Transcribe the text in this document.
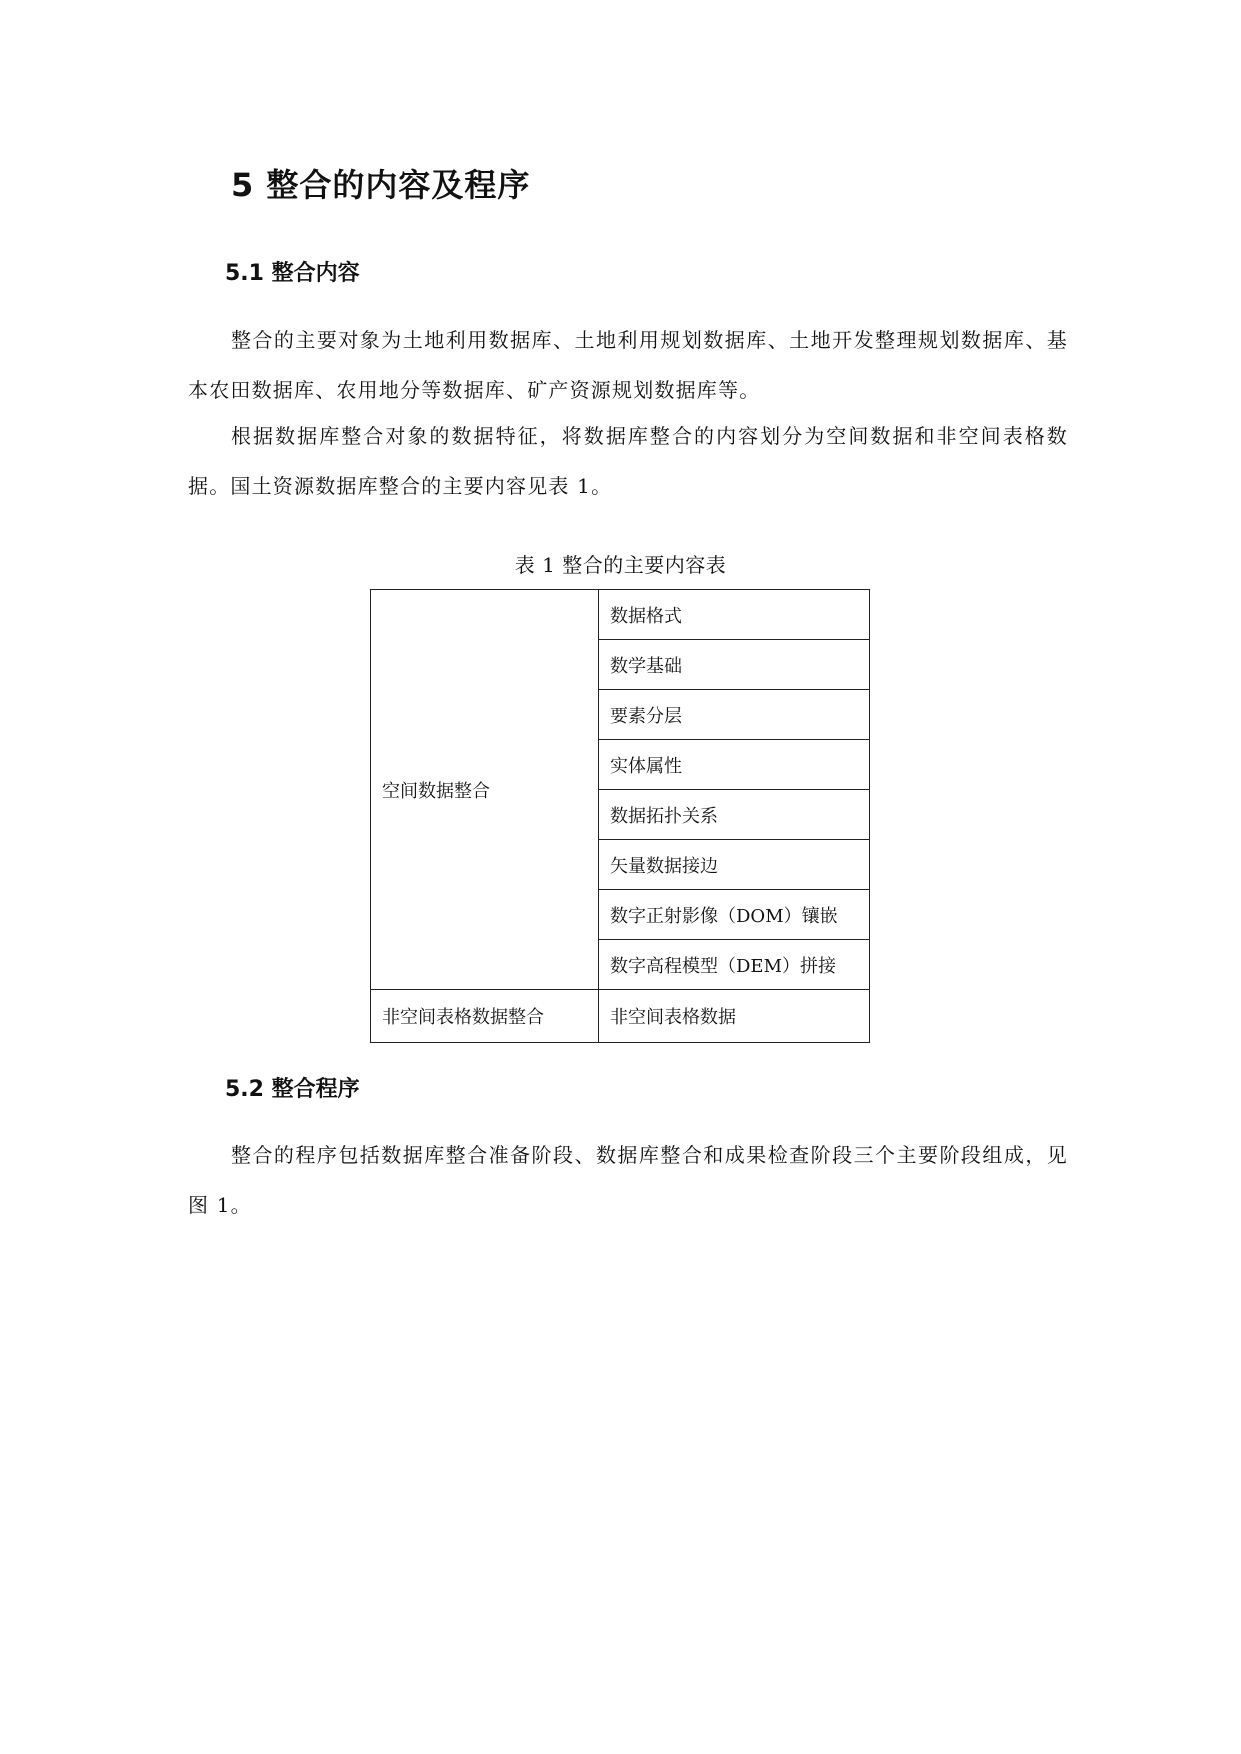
5 整合的内容及程序
5.1 整合内容
整合的主要对象为土地利用数据库、土地利用规划数据库、土地开发整理规划数据库、基本农田数据库、农用地分等数据库、矿产资源规划数据库等。
根据数据库整合对象的数据特征，将数据库整合的内容划分为空间数据和非空间表格数据。国土资源数据库整合的主要内容见表 1。
表 1 整合的主要内容表
空间数据整合	数据格式
	数学基础
	要素分层
	实体属性
	数据拓扑关系
	矢量数据接边
	数字正射影像（DOM）镶嵌
	数字高程模型（DEM）拼接
非空间表格数据整合	非空间表格数据
5.2 整合程序
整合的程序包括数据库整合准备阶段、数据库整合和成果检查阶段三个主要阶段组成，见图 1。
